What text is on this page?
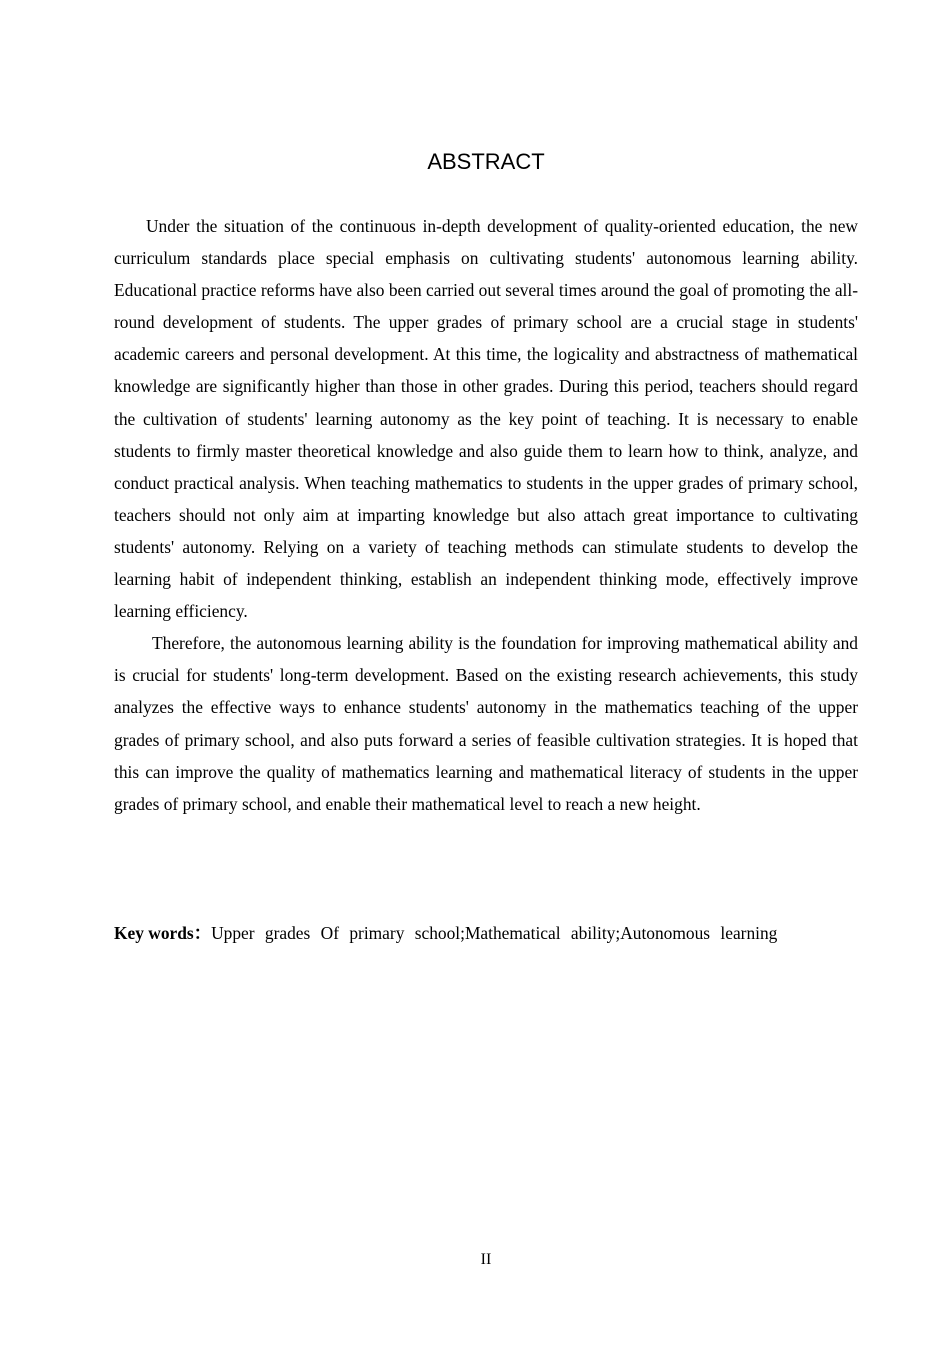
ABSTRACT

Under the situation of the continuous in-depth development of quality-oriented education, the new curriculum standards place special emphasis on cultivating students' autonomous learning ability. Educational practice reforms have also been carried out several times around the goal of promoting the all-round development of students. The upper grades of primary school are a crucial stage in students' academic careers and personal development. At this time, the logicality and abstractness of mathematical knowledge are significantly higher than those in other grades. During this period, teachers should regard the cultivation of students' learning autonomy as the key point of teaching. It is necessary to enable students to firmly master theoretical knowledge and also guide them to learn how to think, analyze, and conduct practical analysis. When teaching mathematics to students in the upper grades of primary school, teachers should not only aim at imparting knowledge but also attach great importance to cultivating students' autonomy. Relying on a variety of teaching methods can stimulate students to develop the learning habit of independent thinking, establish an independent thinking mode, effectively improve learning efficiency.

Therefore, the autonomous learning ability is the foundation for improving mathematical ability and is crucial for students' long-term development. Based on the existing research achievements, this study analyzes the effective ways to enhance students' autonomy in the mathematics teaching of the upper grades of primary school, and also puts forward a series of feasible cultivation strategies. It is hoped that this can improve the quality of mathematics learning and mathematical literacy of students in the upper grades of primary school, and enable their mathematical level to reach a new height.

Key words：Upper grades Of primary school;Mathematical ability;Autonomous learning
II
